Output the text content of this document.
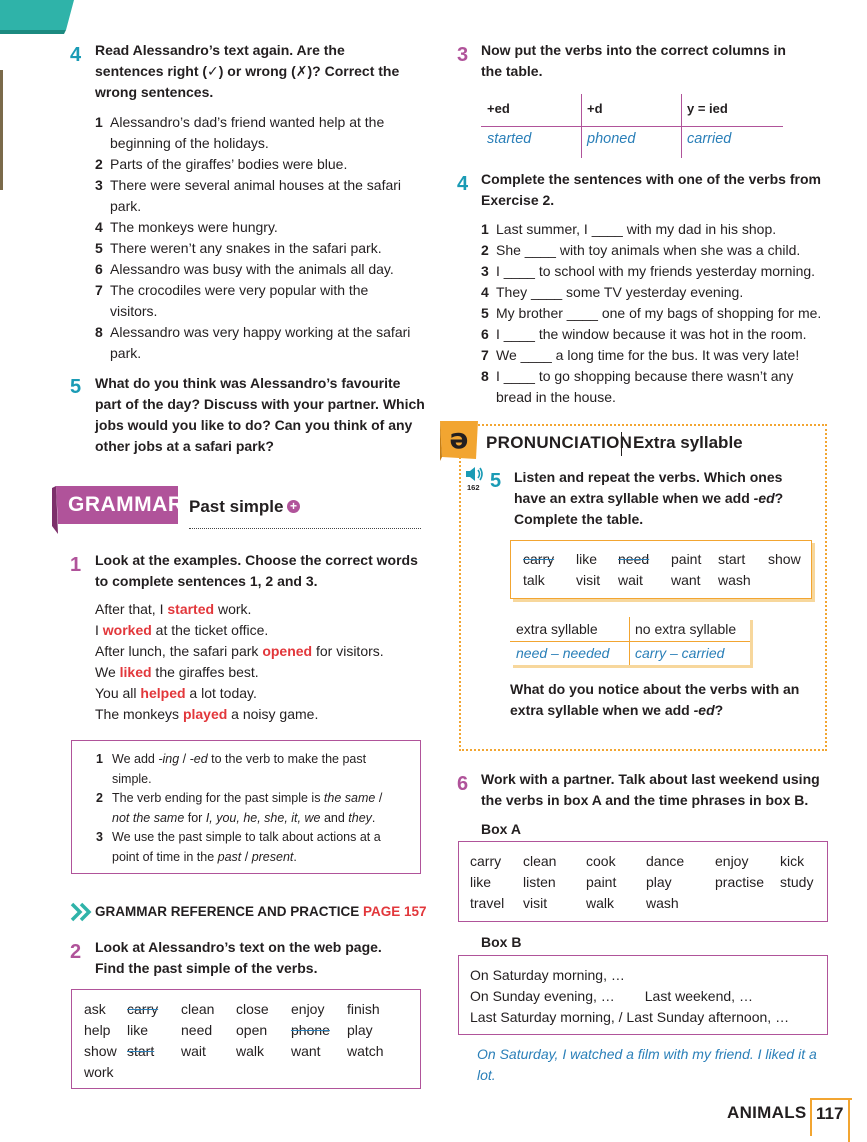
4 Read Alessandro’s text again. Are the sentences right (✓) or wrong (✗)? Correct the wrong sentences.
1 Alessandro’s dad’s friend wanted help at the beginning of the holidays.
2 Parts of the giraffes’ bodies were blue.
3 There were several animal houses at the safari park.
4 The monkeys were hungry.
5 There weren’t any snakes in the safari park.
6 Alessandro was busy with the animals all day.
7 The crocodiles were very popular with the visitors.
8 Alessandro was very happy working at the safari park.
5 What do you think was Alessandro’s favourite part of the day? Discuss with your partner. Which jobs would you like to do? Can you think of any other jobs at a safari park?
GRAMMAR Past simple +
1 Look at the examples. Choose the correct words to complete sentences 1, 2 and 3.
After that, I started work.
I worked at the ticket office.
After lunch, the safari park opened for visitors.
We liked the giraffes best.
You all helped a lot today.
The monkeys played a noisy game.
1 We add -ing / -ed to the verb to make the past simple.
2 The verb ending for the past simple is the same / not the same for I, you, he, she, it, we and they.
3 We use the past simple to talk about actions at a point of time in the past / present.
GRAMMAR REFERENCE AND PRACTICE PAGE 157
2 Look at Alessandro’s text on the web page. Find the past simple of the verbs.
ask	carry	clean	close	enjoy	finish
help	like	need	open	phone	play
show start	wait	walk	want	watch
work
3 Now put the verbs into the correct columns in the table.
+ed	+d	y = ied
started	phoned	carried
4 Complete the sentences with one of the verbs from Exercise 2.
1 Last summer, I ____ with my dad in his shop.
2 She ____ with toy animals when she was a child.
3 I ____ to school with my friends yesterday morning.
4 They ____ some TV yesterday evening.
5 My brother ____ one of my bags of shopping for me.
6 I ____ the window because it was hot in the room.
7 We ____ a long time for the bus. It was very late!
8 I ____ to go shopping because there wasn’t any bread in the house.
ə	PRONUNCIATION Extra syllable
162 5 Listen and repeat the verbs. Which ones have an extra syllable when we add -ed? Complete the table.
carry	like	need	paint	start	show
talk	visit	wait	want	wash
extra syllable	no extra syllable
need – needed carry – carried
What do you notice about the verbs with an extra syllable when we add -ed?
6 Work with a partner. Talk about last weekend using the verbs in box A and the time phrases in box B.
Box A
carry	clean	cook	dance	enjoy	kick
like	listen	paint	play	practise	study
travel	visit	walk	wash
Box B
On Saturday morning, …
On Sunday evening, … Last weekend, …
Last Saturday morning, / Last Sunday afternoon, …
On Saturday, I watched a film with my friend. I liked it a lot.
ANIMALS 117
